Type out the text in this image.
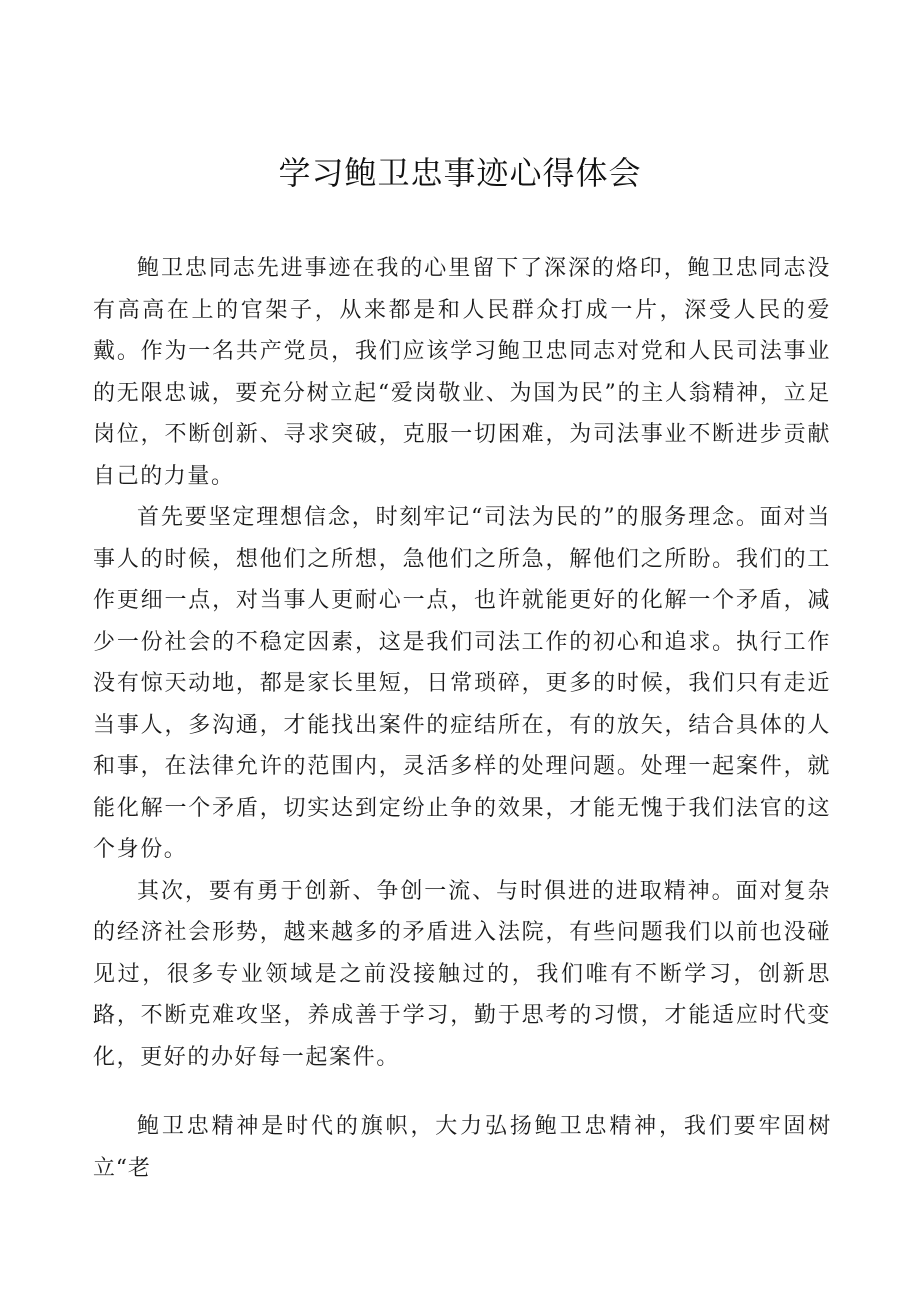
学习鲍卫忠事迹心得体会

鲍卫忠同志先进事迹在我的心里留下了深深的烙印，鲍卫忠同志没有高高在上的官架子，从来都是和人民群众打成一片，深受人民的爱戴。作为一名共产党员，我们应该学习鲍卫忠同志对党和人民司法事业的无限忠诚，要充分树立起“爱岗敬业、为国为民”的主人翁精神，立足岗位，不断创新、寻求突破，克服一切困难，为司法事业不断进步贡献自己的力量。

首先要坚定理想信念，时刻牢记“司法为民的”的服务理念。面对当事人的时候，想他们之所想，急他们之所急，解他们之所盼。我们的工作更细一点，对当事人更耐心一点，也许就能更好的化解一个矛盾，减少一份社会的不稳定因素，这是我们司法工作的初心和追求。执行工作没有惊天动地，都是家长里短，日常琐碎，更多的时候，我们只有走近当事人，多沟通，才能找出案件的症结所在，有的放矢，结合具体的人和事，在法律允许的范围内，灵活多样的处理问题。处理一起案件，就能化解一个矛盾，切实达到定纷止争的效果，才能无愧于我们法官的这个身份。

其次，要有勇于创新、争创一流、与时俱进的进取精神。面对复杂的经济社会形势，越来越多的矛盾进入法院，有些问题我们以前也没碰见过，很多专业领域是之前没接触过的，我们唯有不断学习，创新思路，不断克难攻坚，养成善于学习，勤于思考的习惯，才能适应时代变化，更好的办好每一起案件。

鲍卫忠精神是时代的旗帜，大力弘扬鲍卫忠精神，我们要牢固树立“老
